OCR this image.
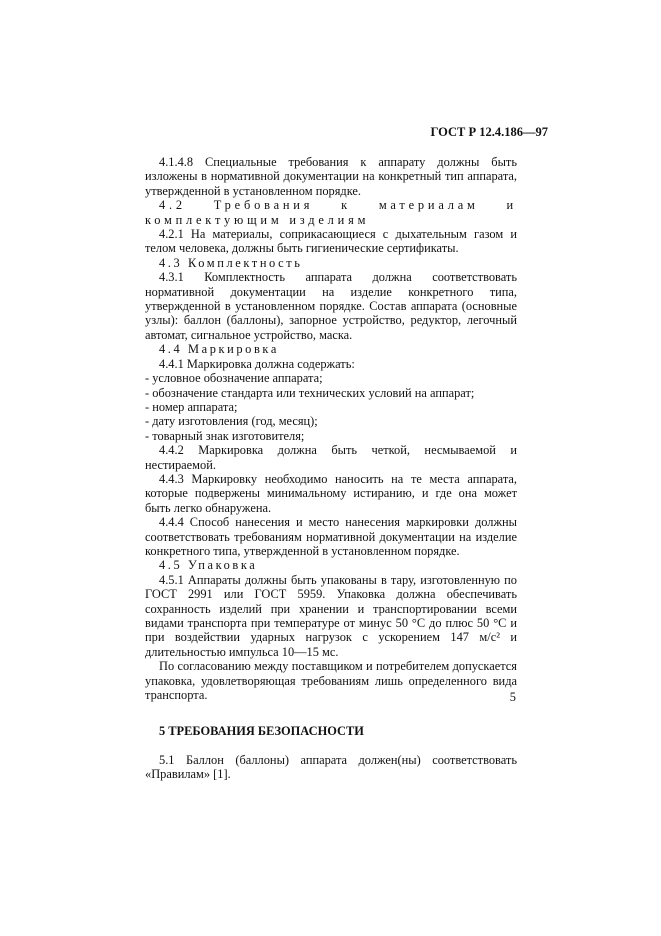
ГОСТ Р 12.4.186—97

4.1.4.8 Специальные требования к аппарату должны быть изложены в нормативной документации на конкретный тип аппарата, утвержденной в установленном порядке.

4.2 Требования к материалам и комплектующим изделиям

4.2.1 На материалы, соприкасающиеся с дыхательным газом и телом человека, должны быть гигиенические сертификаты.

4.3 Комплектность

4.3.1 Комплектность аппарата должна соответствовать нормативной документации на изделие конкретного типа, утвержденной в установленном порядке. Состав аппарата (основные узлы): баллон (баллоны), запорное устройство, редуктор, легочный автомат, сигнальное устройство, маска.

4.4 Маркировка

4.4.1 Маркировка должна содержать:

- условное обозначение аппарата;

- обозначение стандарта или технических условий на аппарат;

- номер аппарата;

- дату изготовления (год, месяц);

- товарный знак изготовителя;

4.4.2 Маркировка должна быть четкой, несмываемой и нестираемой.

4.4.3 Маркировку необходимо наносить на те места аппарата, которые подвержены минимальному истиранию, и где она может быть легко обнаружена.

4.4.4 Способ нанесения и место нанесения маркировки должны соответствовать требованиям нормативной документации на изделие конкретного типа, утвержденной в установленном порядке.

4.5 Упаковка

4.5.1 Аппараты должны быть упакованы в тару, изготовленную по ГОСТ 2991 или ГОСТ 5959. Упаковка должна обеспечивать сохранность изделий при хранении и транспортировании всеми видами транспорта при температуре от минус 50 °С до плюс 50 °С и при воздействии ударных нагрузок с ускорением 147 м/с² и длительностью импульса 10—15 мс.

По согласованию между поставщиком и потребителем допускается упаковка, удовлетворяющая требованиям лишь определенного вида транспорта.

5 ТРЕБОВАНИЯ БЕЗОПАСНОСТИ

5.1 Баллон (баллоны) аппарата должен(ны) соответствовать «Правилам» [1].

5
